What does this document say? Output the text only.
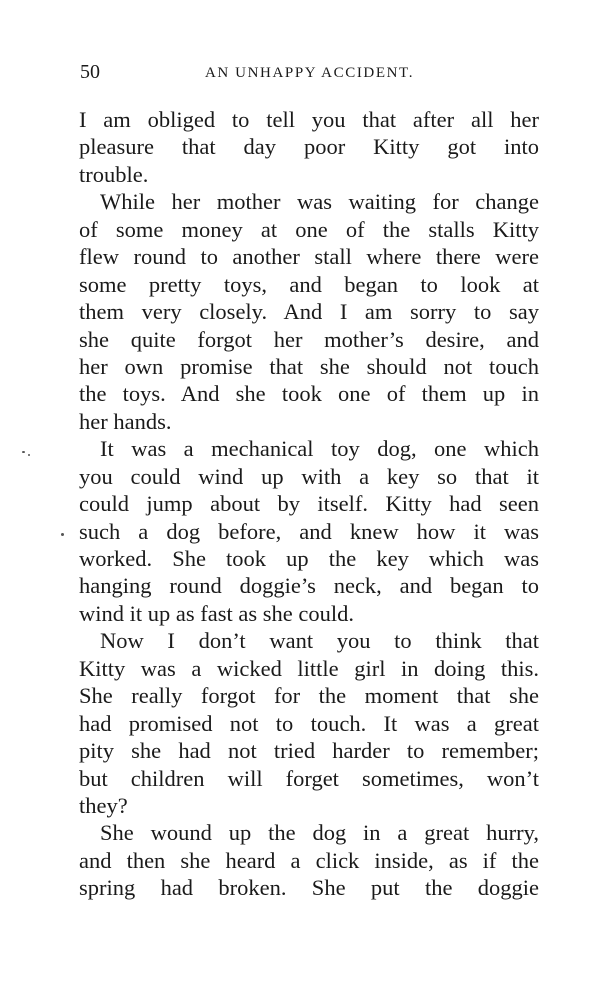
50	AN UNHAPPY ACCIDENT.
I am obliged to tell you that after all her
pleasure that day poor Kitty got into
trouble.
While her mother was waiting for change
of some money at one of the stalls Kitty
flew round to another stall where there were
some pretty toys, and began to look at
them very closely. And I am sorry to say
she quite forgot her mother’s desire, and
her own promise that she should not touch
the toys. And she took one of them up in
her hands.
It was a mechanical toy dog, one which
you could wind up with a key so that it
could jump about by itself. Kitty had seen
such a dog before, and knew how it was
worked. She took up the key which was
hanging round doggie’s neck, and began to
wind it up as fast as she could.
Now I don’t want you to think that
Kitty was a wicked little girl in doing this.
She really forgot for the moment that she
had promised not to touch. It was a great
pity she had not tried harder to remember;
but children will forget sometimes, won’t
they?
She wound up the dog in a great hurry,
and then she heard a click inside, as if the
spring had broken. She put the doggie
